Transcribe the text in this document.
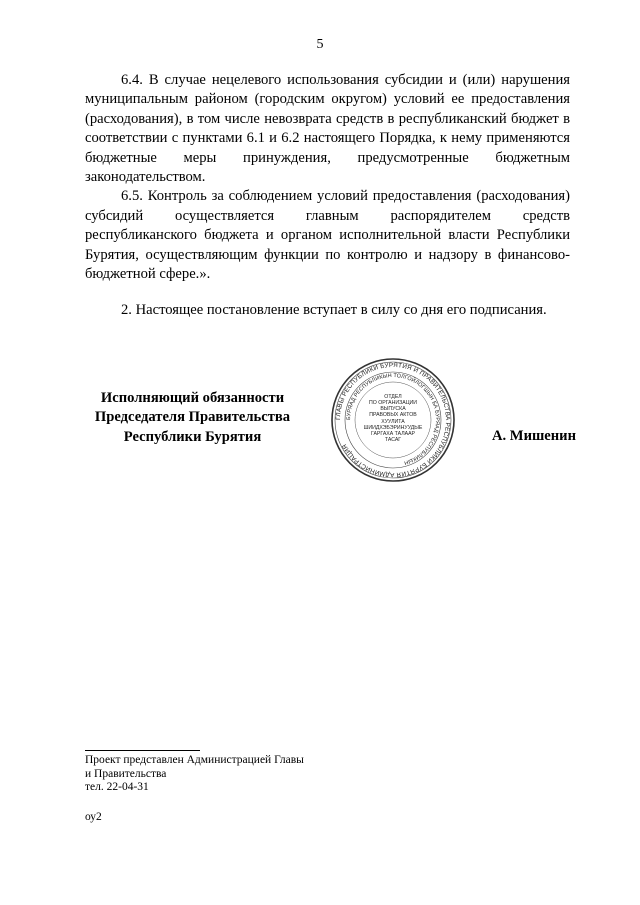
5

6.4. В случае нецелевого использования субсидии и (или) нарушения муниципальным районом (городским округом) условий ее предоставления (расходования), в том числе невозврата средств в республиканский бюджет в соответствии с пунктами 6.1 и 6.2 настоящего Порядка, к нему применяются бюджетные меры принуждения, предусмотренные бюджетным законодательством.

6.5. Контроль за соблюдением условий предоставления (расходования) субсидий осуществляется главным распорядителем средств республиканского бюджета и органом исполнительной власти Республики Бурятия, осуществляющим функции по контролю и надзору в финансово-бюджетной сфере.».

2. Настоящее постановление вступает в силу со дня его подписания.

Исполняющий обязанности
Председателя Правительства
Республики Бурятия
ГЛАВЫ РЕСПУБЛИКИ БУРЯТИЯ И ПРАВИТЕЛЬСТВА РЕСПУБЛИКИ БУРЯТИЯ АДМИНИСТРАЦИЯ
БУРЯАД РЕСПУБЛИКЫН ТОЛГОЙЛОГШЫН БА БУРЯАД РЕСПУБЛИКЫН
ОТДЕЛ
ПО ОРГАНИЗАЦИИ
ВЫПУСКА
ПРАВОВЫХ АКТОВ
ХУУЛИТА
ШИИДХЭБЭРИНУУДЫЕ
ГАРГАХА ТАЛААР
ТАСАГ	А. Мишенин
Проект представлен Администрацией Главы
и Правительства
тел. 22-04-31
оу2
